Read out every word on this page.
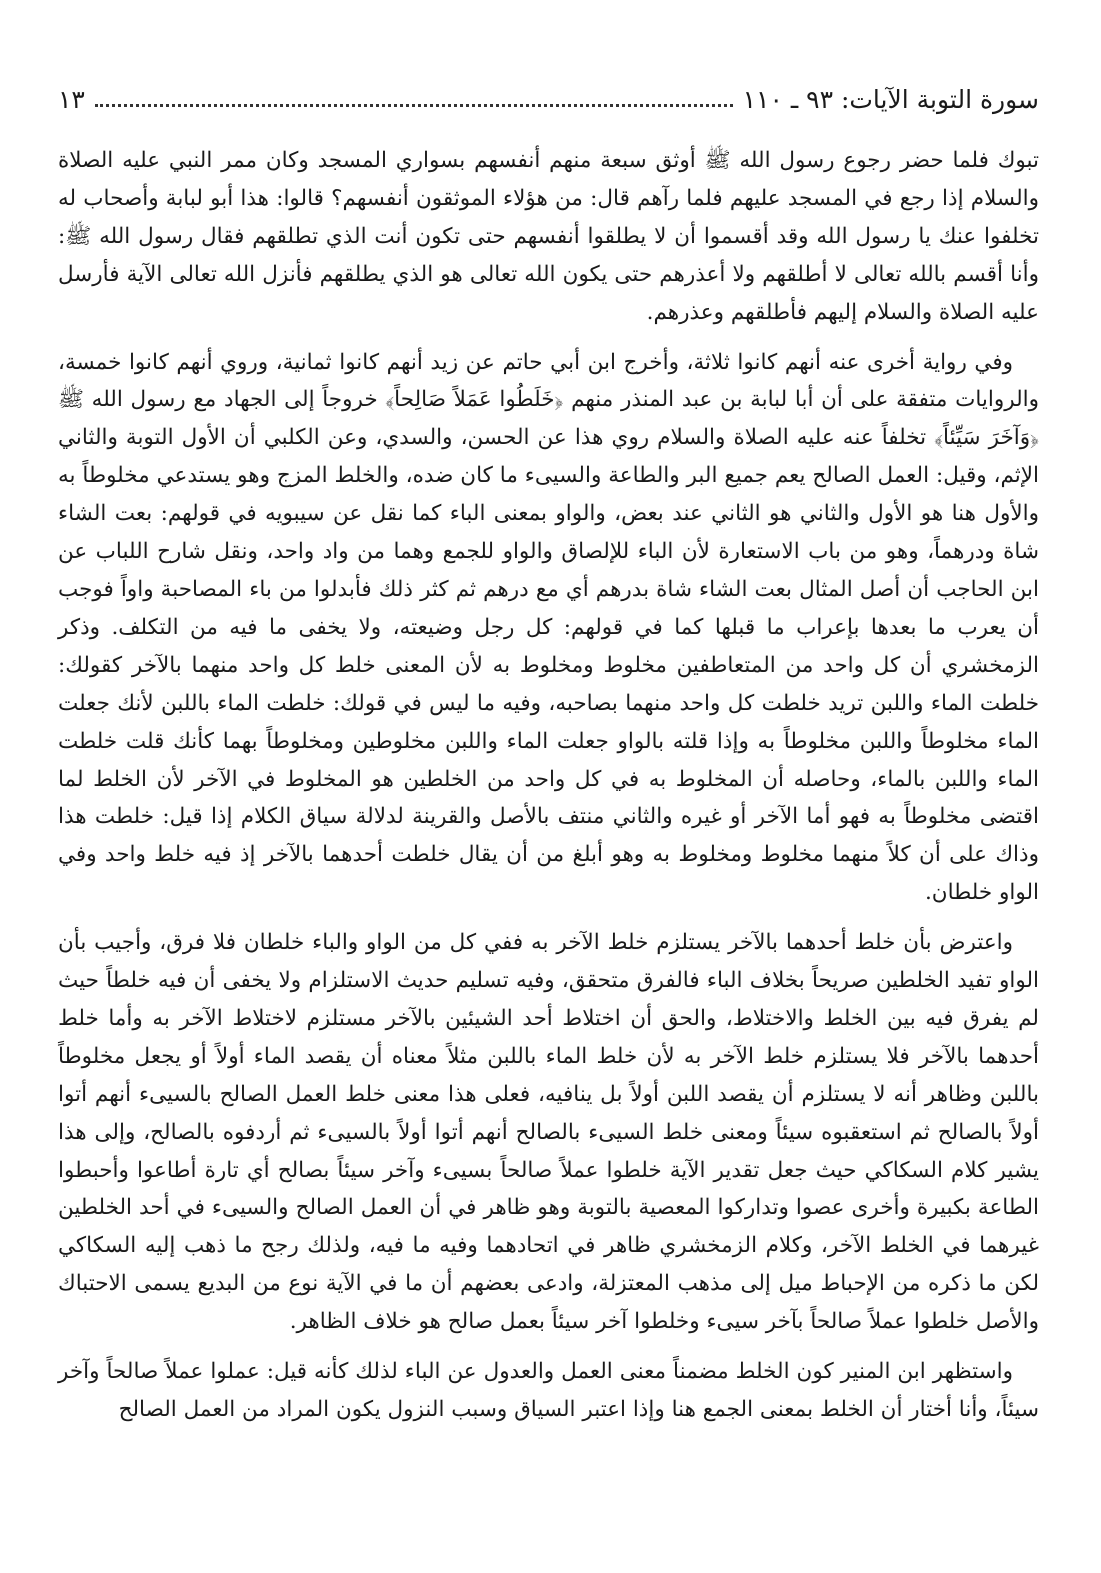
سورة التوبة الآيات: ٩٣ ـ ١١٠
١٣

تبوك فلما حضر رجوع رسول الله ﷺ أوثق سبعة منهم أنفسهم بسواري المسجد وكان ممر النبي عليه الصلاة والسلام إذا رجع في المسجد عليهم فلما رآهم قال: من هؤلاء الموثقون أنفسهم؟ قالوا: هذا أبو لبابة وأصحاب له تخلفوا عنك يا رسول الله وقد أقسموا أن لا يطلقوا أنفسهم حتى تكون أنت الذي تطلقهم فقال رسول الله ﷺ: وأنا أقسم بالله تعالى لا أطلقهم ولا أعذرهم حتى يكون الله تعالى هو الذي يطلقهم فأنزل الله تعالى الآية فأرسل عليه الصلاة والسلام إليهم فأطلقهم وعذرهم.

وفي رواية أخرى عنه أنهم كانوا ثلاثة، وأخرج ابن أبي حاتم عن زيد أنهم كانوا ثمانية، وروي أنهم كانوا خمسة، والروايات متفقة على أن أبا لبابة بن عبد المنذر منهم ﴿خَلَطُوا عَمَلاً صَالِحاً﴾ خروجاً إلى الجهاد مع رسول الله ﷺ ﴿وَآخَرَ سَيِّئاً﴾ تخلفاً عنه عليه الصلاة والسلام روي هذا عن الحسن، والسدي، وعن الكلبي أن الأول التوبة والثاني الإثم، وقيل: العمل الصالح يعم جميع البر والطاعة والسيىء ما كان ضده، والخلط المزج وهو يستدعي مخلوطاً به والأول هنا هو الأول والثاني هو الثاني عند بعض، والواو بمعنى الباء كما نقل عن سيبويه في قولهم: بعت الشاء شاة ودرهماً، وهو من باب الاستعارة لأن الباء للإلصاق والواو للجمع وهما من واد واحد، ونقل شارح اللباب عن ابن الحاجب أن أصل المثال بعت الشاء شاة بدرهم أي مع درهم ثم كثر ذلك فأبدلوا من باء المصاحبة واواً فوجب أن يعرب ما بعدها بإعراب ما قبلها كما في قولهم: كل رجل وضيعته، ولا يخفى ما فيه من التكلف. وذكر الزمخشري أن كل واحد من المتعاطفين مخلوط ومخلوط به لأن المعنى خلط كل واحد منهما بالآخر كقولك: خلطت الماء واللبن تريد خلطت كل واحد منهما بصاحبه، وفيه ما ليس في قولك: خلطت الماء باللبن لأنك جعلت الماء مخلوطاً واللبن مخلوطاً به وإذا قلته بالواو جعلت الماء واللبن مخلوطين ومخلوطاً بهما كأنك قلت خلطت الماء واللبن بالماء، وحاصله أن المخلوط به في كل واحد من الخلطين هو المخلوط في الآخر لأن الخلط لما اقتضى مخلوطاً به فهو أما الآخر أو غيره والثاني منتف بالأصل والقرينة لدلالة سياق الكلام إذا قيل: خلطت هذا وذاك على أن كلاً منهما مخلوط ومخلوط به وهو أبلغ من أن يقال خلطت أحدهما بالآخر إذ فيه خلط واحد وفي الواو خلطان.

واعترض بأن خلط أحدهما بالآخر يستلزم خلط الآخر به ففي كل من الواو والباء خلطان فلا فرق، وأجيب بأن الواو تفيد الخلطين صريحاً بخلاف الباء فالفرق متحقق، وفيه تسليم حديث الاستلزام ولا يخفى أن فيه خلطاً حيث لم يفرق فيه بين الخلط والاختلاط، والحق أن اختلاط أحد الشيئين بالآخر مستلزم لاختلاط الآخر به وأما خلط أحدهما بالآخر فلا يستلزم خلط الآخر به لأن خلط الماء باللبن مثلاً معناه أن يقصد الماء أولاً أو يجعل مخلوطاً باللبن وظاهر أنه لا يستلزم أن يقصد اللبن أولاً بل ينافيه، فعلى هذا معنى خلط العمل الصالح بالسيىء أنهم أتوا أولاً بالصالح ثم استعقبوه سيئاً ومعنى خلط السيىء بالصالح أنهم أتوا أولاً بالسيىء ثم أردفوه بالصالح، وإلى هذا يشير كلام السكاكي حيث جعل تقدير الآية خلطوا عملاً صالحاً بسيىء وآخر سيئاً بصالح أي تارة أطاعوا وأحبطوا الطاعة بكبيرة وأخرى عصوا وتداركوا المعصية بالتوبة وهو ظاهر في أن العمل الصالح والسيىء في أحد الخلطين غيرهما في الخلط الآخر، وكلام الزمخشري ظاهر في اتحادهما وفيه ما فيه، ولذلك رجح ما ذهب إليه السكاكي لكن ما ذكره من الإحباط ميل إلى مذهب المعتزلة، وادعى بعضهم أن ما في الآية نوع من البديع يسمى الاحتباك والأصل خلطوا عملاً صالحاً بآخر سيىء وخلطوا آخر سيئاً بعمل صالح هو خلاف الظاهر.

واستظهر ابن المنير كون الخلط مضمناً معنى العمل والعدول عن الباء لذلك كأنه قيل: عملوا عملاً صالحاً وآخر سيئاً، وأنا أختار أن الخلط بمعنى الجمع هنا وإذا اعتبر السياق وسبب النزول يكون المراد من العمل الصالح
